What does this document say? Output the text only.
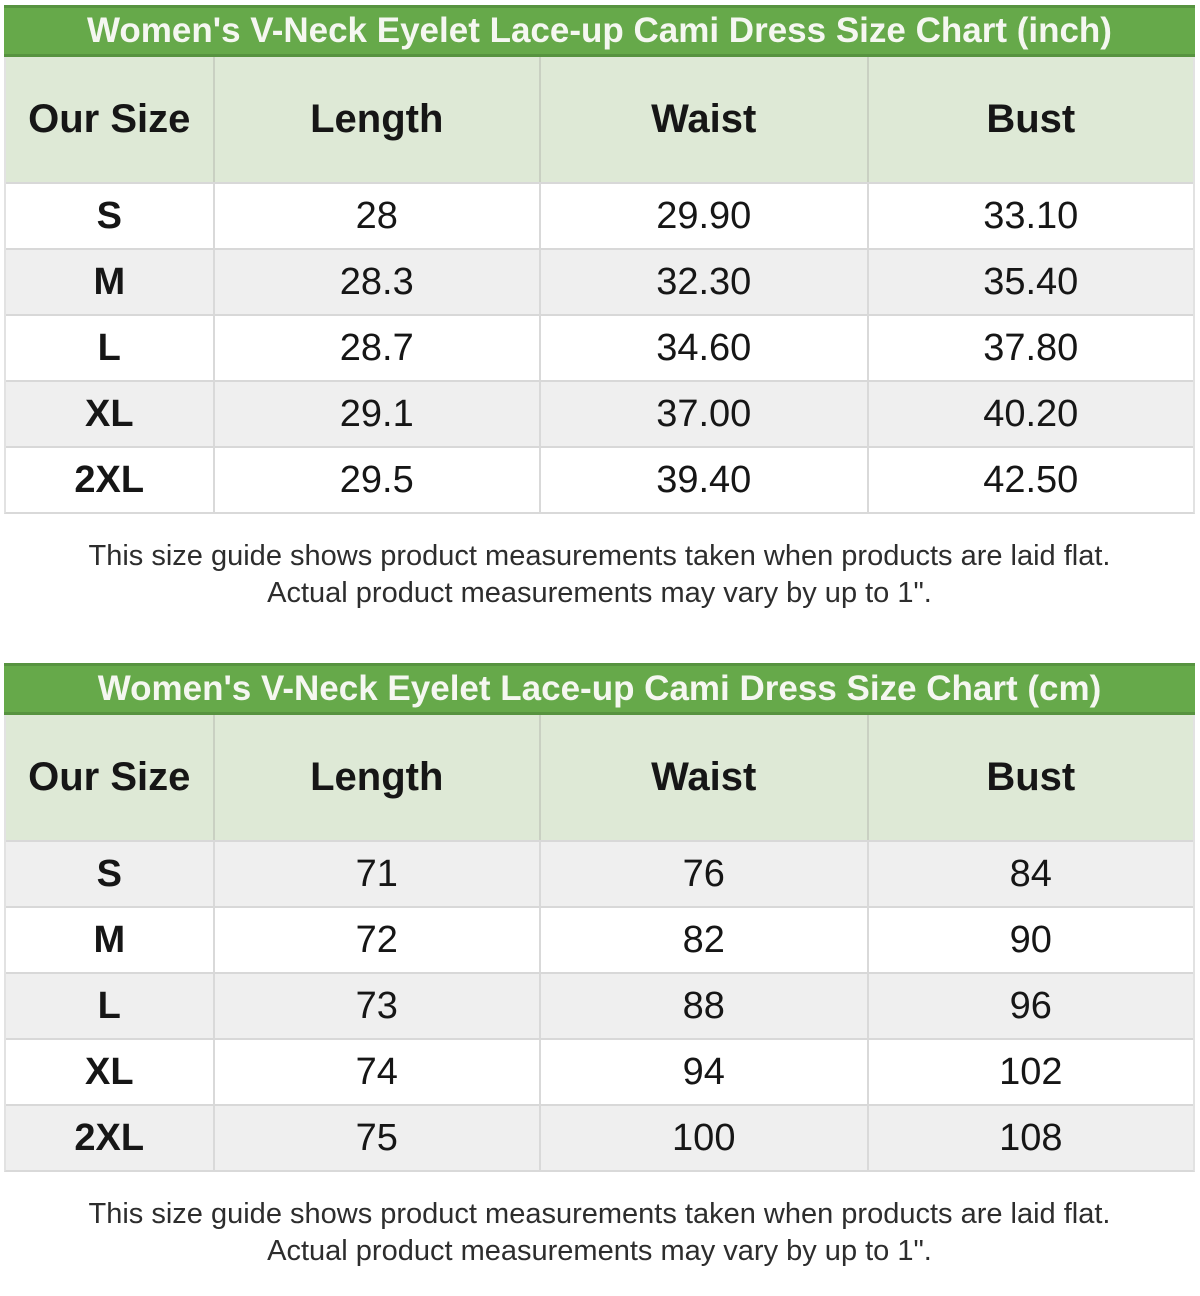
Women's V-Neck Eyelet Lace-up Cami Dress Size Chart (inch)
Our Size	Length	Waist	Bust
S	28	29.90	33.10
M	28.3	32.30	35.40
L	28.7	34.60	37.80
XL	29.1	37.00	40.20
2XL	29.5	39.40	42.50
This size guide shows product measurements taken when products are laid flat.
Actual product measurements may vary by up to 1".
Women's V-Neck Eyelet Lace-up Cami Dress Size Chart (cm)
Our Size	Length	Waist	Bust
S	71	76	84
M	72	82	90
L	73	88	96
XL	74	94	102
2XL	75	100	108
This size guide shows product measurements taken when products are laid flat.
Actual product measurements may vary by up to 1".
